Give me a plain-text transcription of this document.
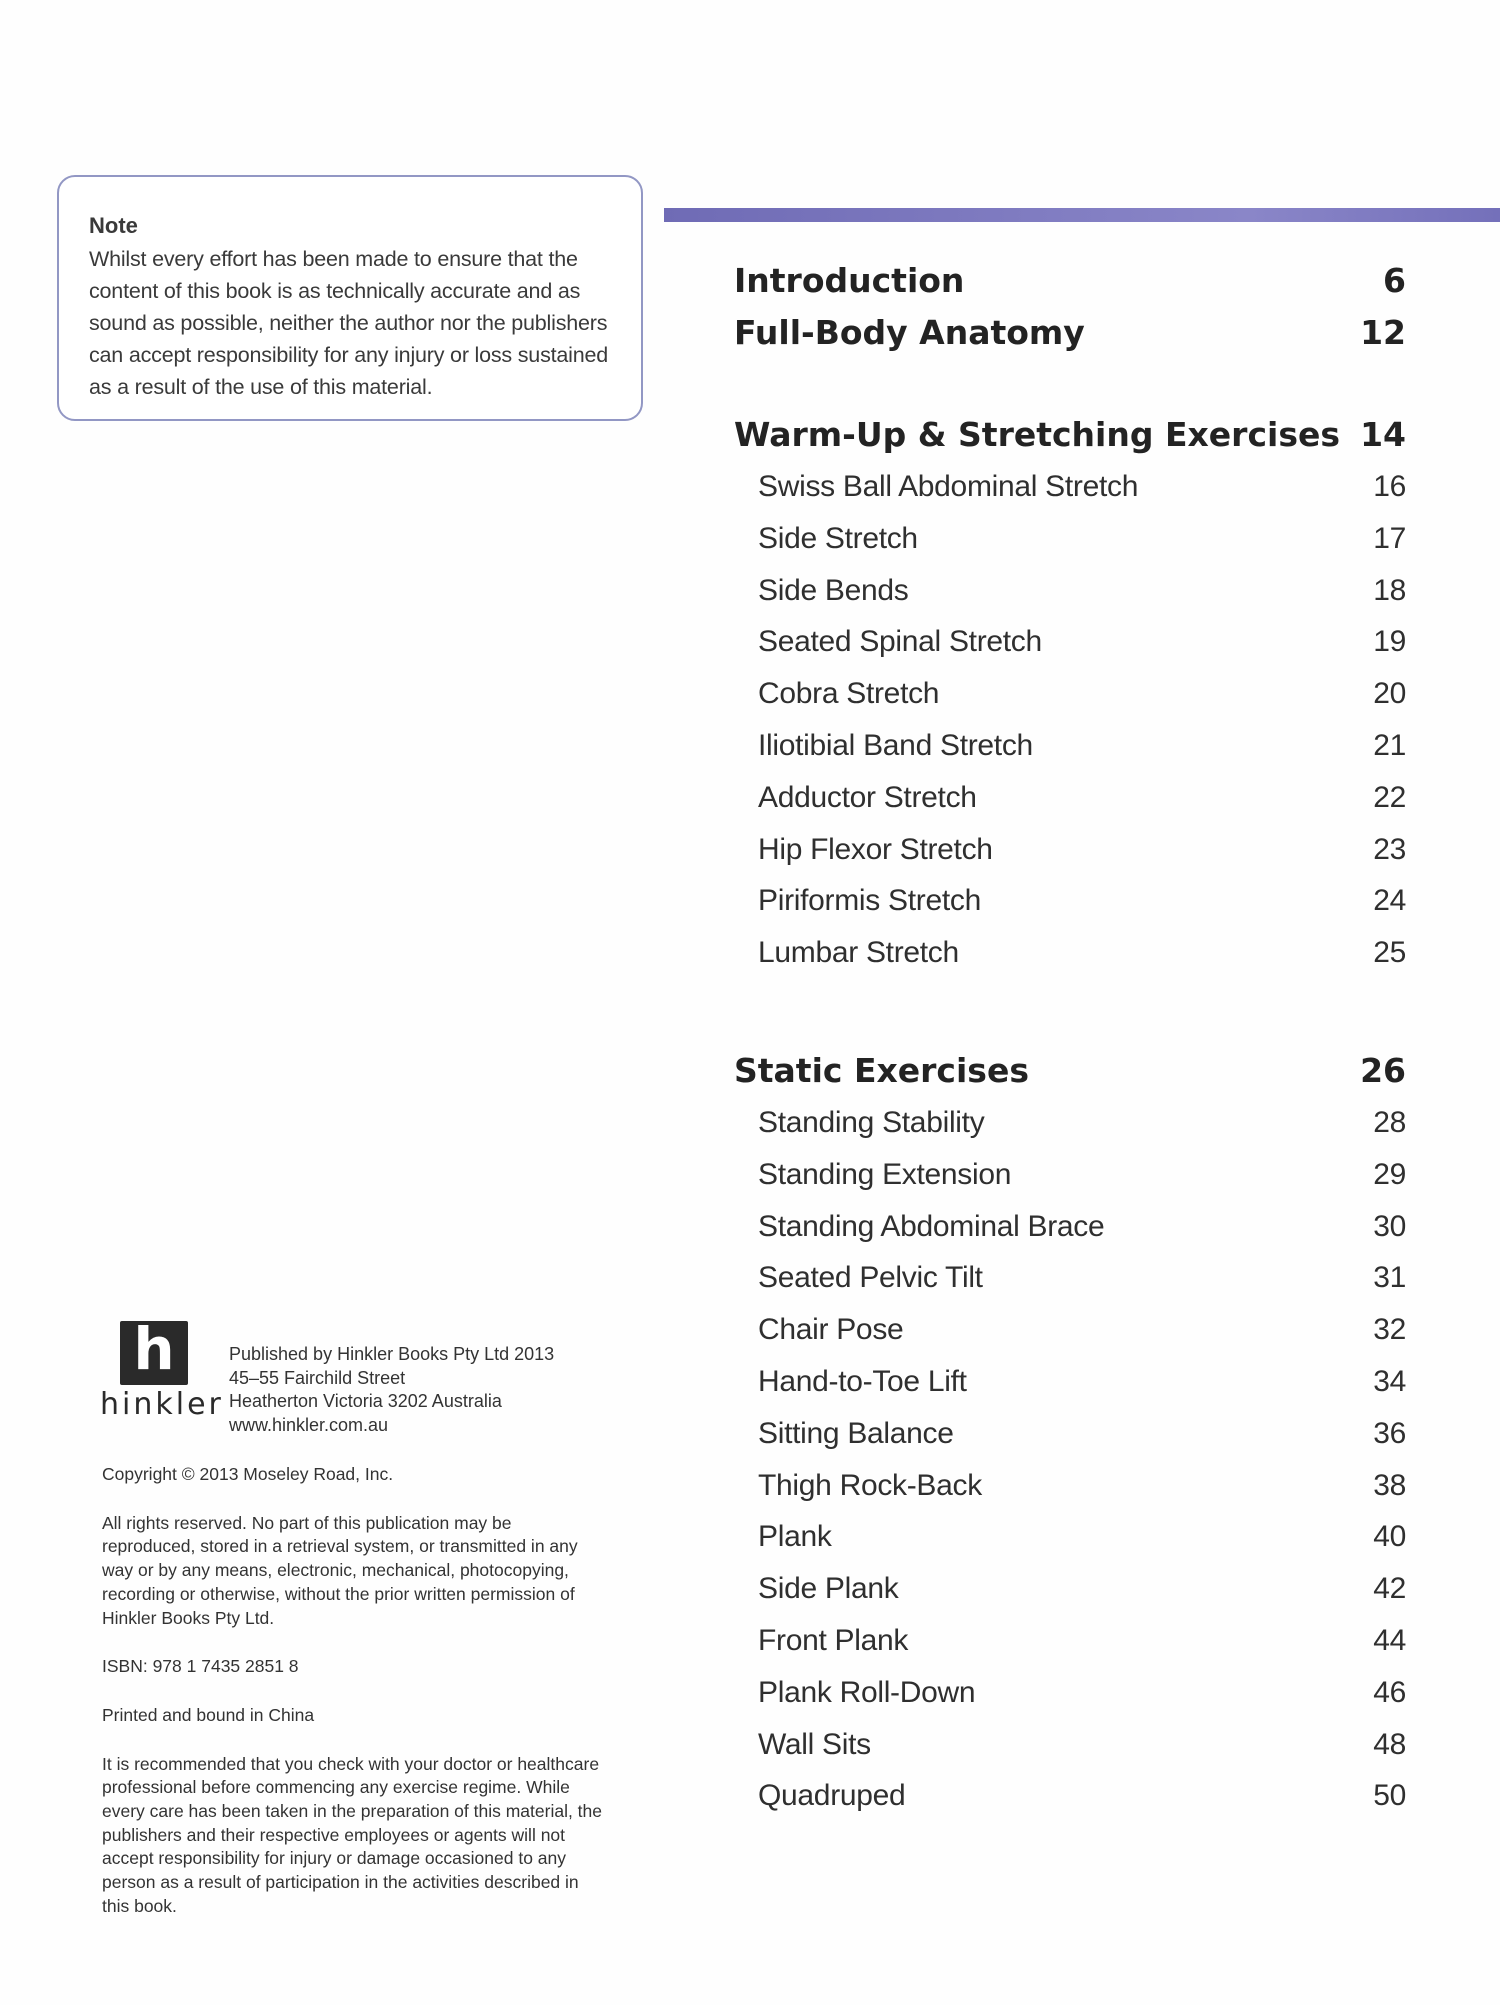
Note
Whilst every effort has been made to ensure that the content of this book is as technically accurate and as sound as possible, neither the author nor the publishers can accept responsibility for any injury or loss sustained as a result of the use of this material.
Introduction	6
Full-Body Anatomy	12
Warm-Up & Stretching Exercises 14
Swiss Ball Abdominal Stretch	16
Side Stretch	17
Side Bends	18
Seated Spinal Stretch	19
Cobra Stretch	20
Iliotibial Band Stretch	21
Adductor Stretch	22
Hip Flexor Stretch	23
Piriformis Stretch	24
Lumbar Stretch	25
Static Exercises	26
Standing Stability	28
Standing Extension	29
Standing Abdominal Brace	30
Seated Pelvic Tilt	31
Chair Pose	32
Hand-to-Toe Lift	34
Sitting Balance	36
Thigh Rock-Back	38
Plank	40
Side Plank	42
Front Plank	44
Plank Roll-Down	46
Wall Sits	48
Quadruped	50
h
hinkler
Published by Hinkler Books Pty Ltd 2013
45–55 Fairchild Street
Heatherton Victoria 3202 Australia
www.hinkler.com.au

Copyright © 2013 Moseley Road, Inc.

All rights reserved. No part of this publication may be reproduced, stored in a retrieval system, or transmitted in any way or by any means, electronic, mechanical, photocopying, recording or otherwise, without the prior written permission of Hinkler Books Pty Ltd.

ISBN: 978 1 7435 2851 8

Printed and bound in China

It is recommended that you check with your doctor or healthcare professional before commencing any exercise regime. While every care has been taken in the preparation of this material, the publishers and their respective employees or agents will not accept responsibility for injury or damage occasioned to any person as a result of participation in the activities described in this book.
